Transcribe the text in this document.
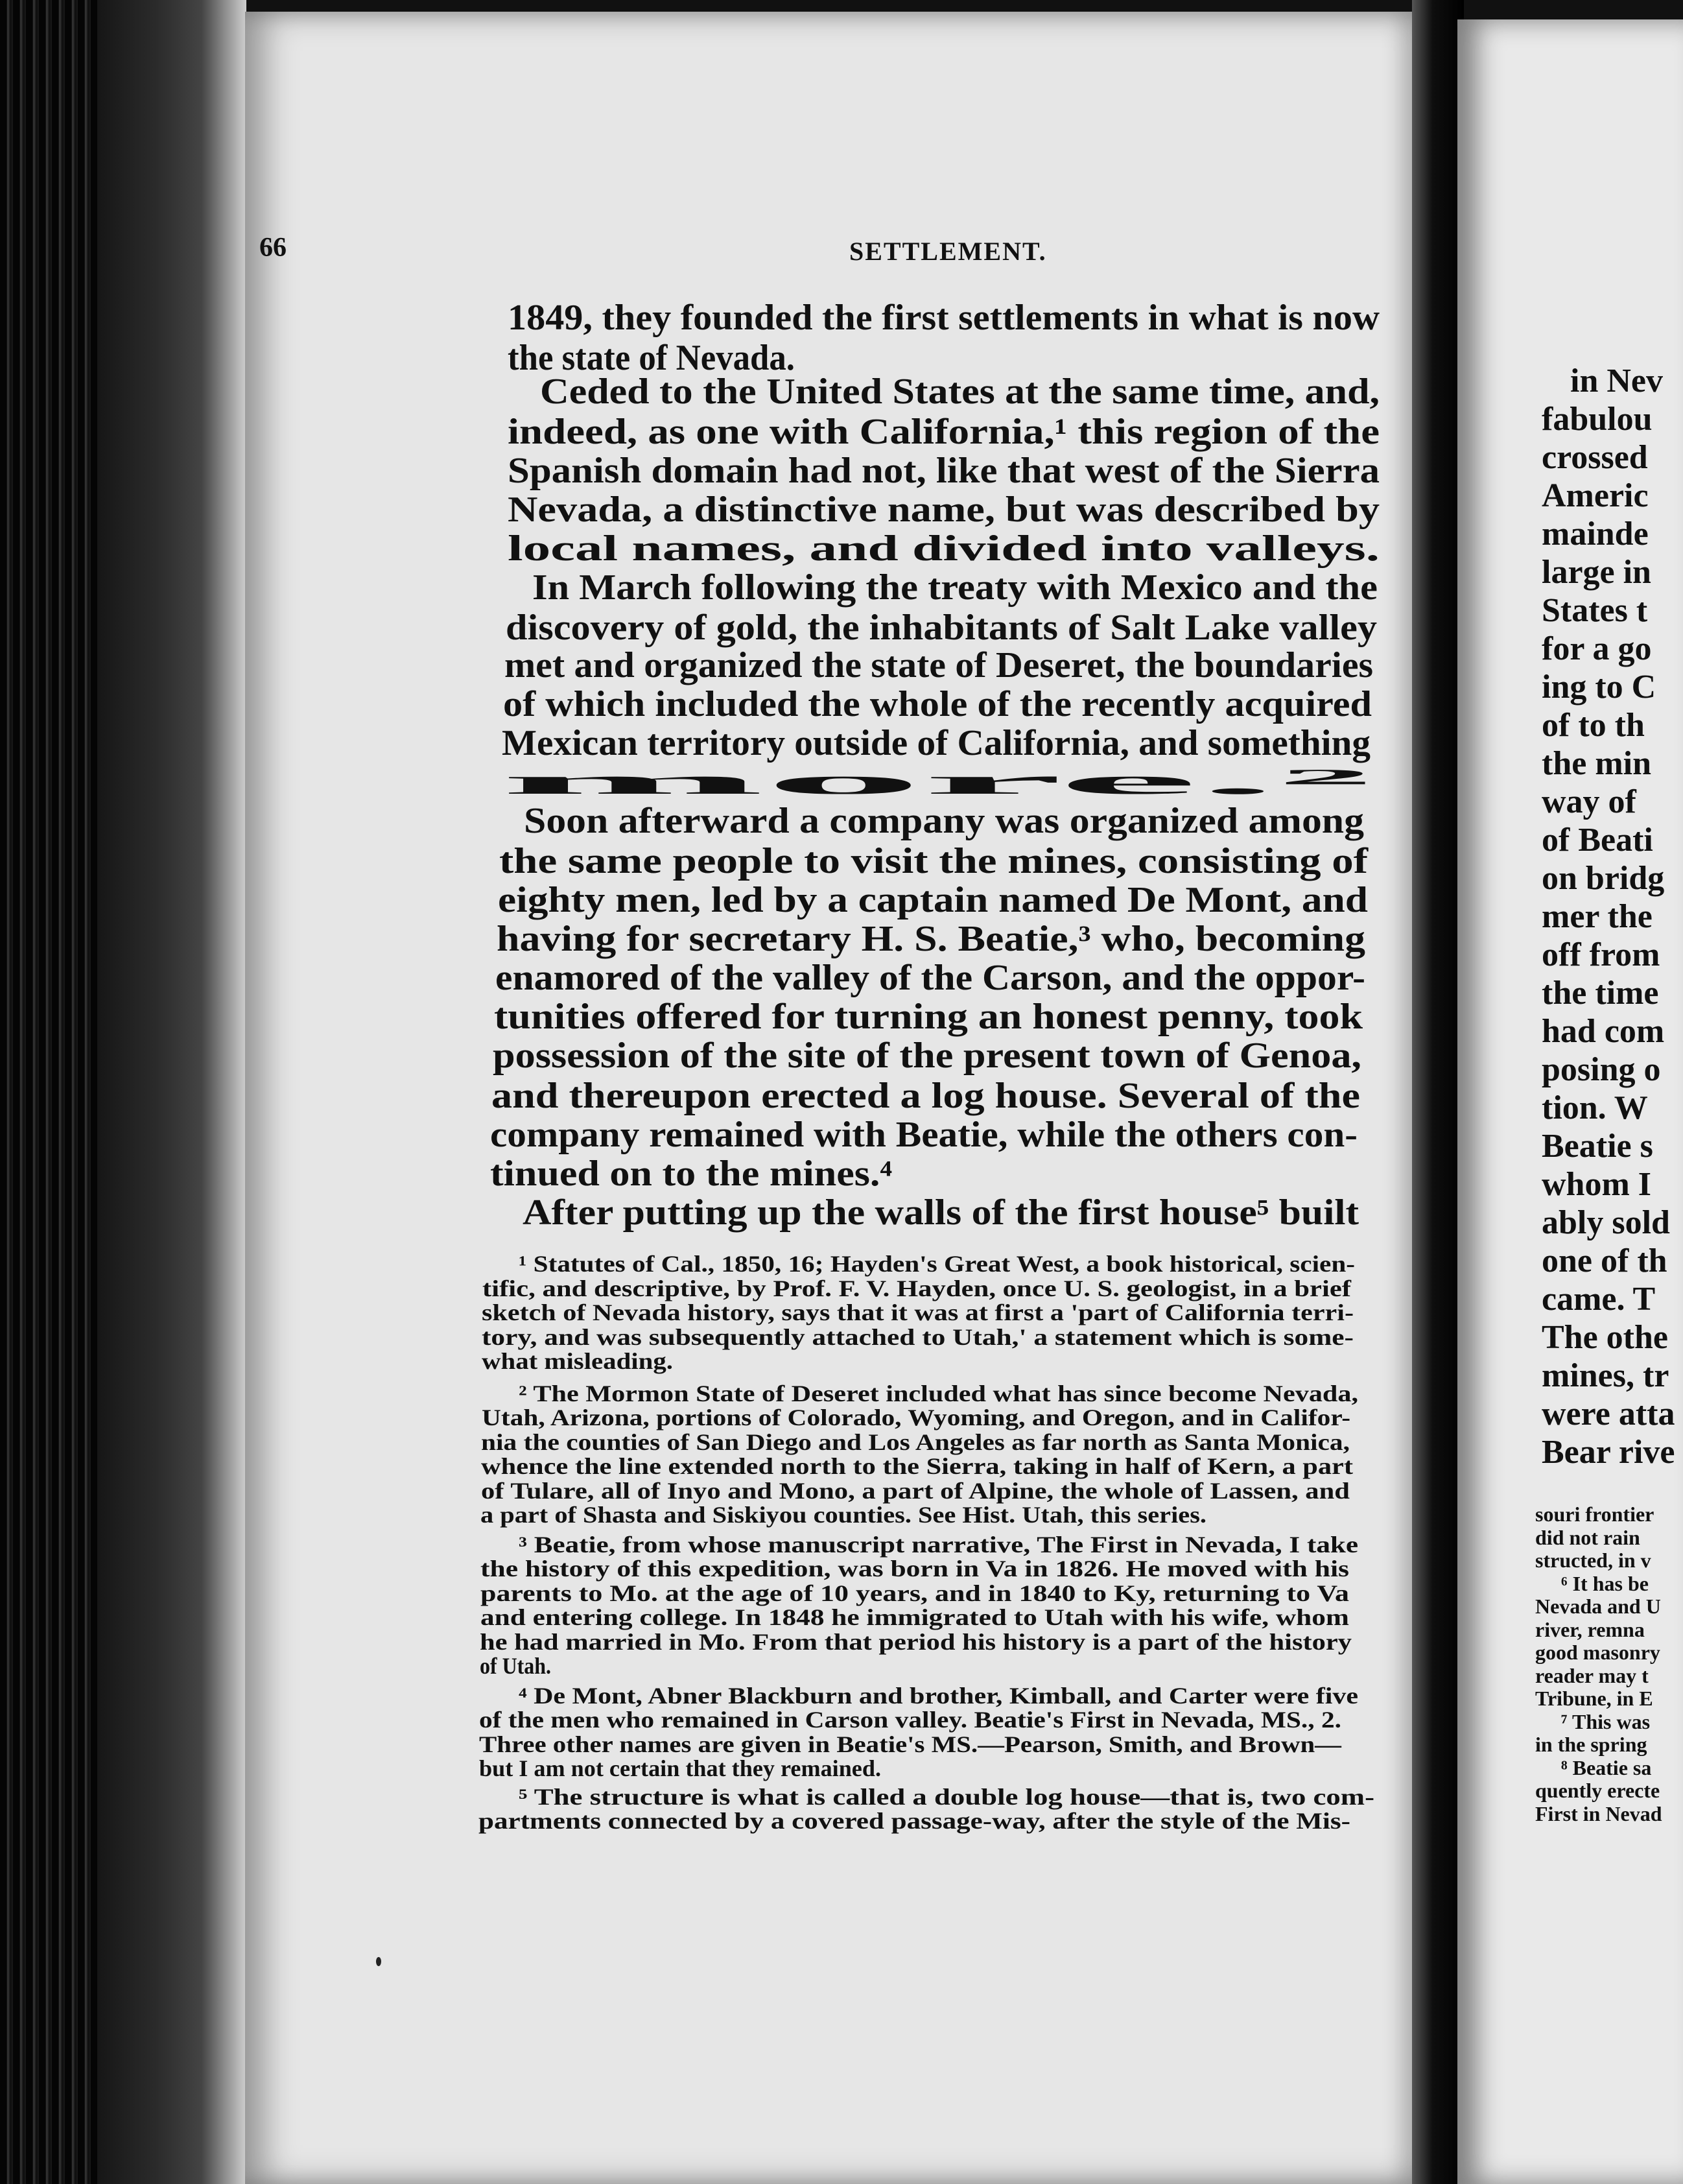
66	SETTLEMENT.
1849, they founded the first settlements in what is now
the state of Nevada.
Ceded to the United States at the same time, and,
indeed, as one with California,¹ this region of the
Spanish domain had not, like that west of the Sierra
Nevada, a distinctive name, but was described by
local names, and divided into valleys.
In March following the treaty with Mexico and the
discovery of gold, the inhabitants of Salt Lake valley
met and organized the state of Deseret, the boundaries
of which included the whole of the recently acquired
Mexican territory outside of California, and something
more.²
Soon afterward a company was organized among
the same people to visit the mines, consisting of
eighty men, led by a captain named De Mont, and
having for secretary H. S. Beatie,³ who, becoming
enamored of the valley of the Carson, and the oppor-
tunities offered for turning an honest penny, took
possession of the site of the present town of Genoa,
and thereupon erected a log house. Several of the
company remained with Beatie, while the others con-
tinued on to the mines.⁴
After putting up the walls of the first house⁵ built
¹ Statutes of Cal., 1850, 16; Hayden's Great West, a book historical, scien-
tific, and descriptive, by Prof. F. V. Hayden, once U. S. geologist, in a brief
sketch of Nevada history, says that it was at first a 'part of California terri-
tory, and was subsequently attached to Utah,' a statement which is some-
what misleading.
² The Mormon State of Deseret included what has since become Nevada,
Utah, Arizona, portions of Colorado, Wyoming, and Oregon, and in Califor-
nia the counties of San Diego and Los Angeles as far north as Santa Monica,
whence the line extended north to the Sierra, taking in half of Kern, a part
of Tulare, all of Inyo and Mono, a part of Alpine, the whole of Lassen, and
a part of Shasta and Siskiyou counties. See Hist. Utah, this series.
³ Beatie, from whose manuscript narrative, The First in Nevada, I take
the history of this expedition, was born in Va in 1826. He moved with his
parents to Mo. at the age of 10 years, and in 1840 to Ky, returning to Va
and entering college. In 1848 he immigrated to Utah with his wife, whom
he had married in Mo. From that period his history is a part of the history
of Utah.
⁴ De Mont, Abner Blackburn and brother, Kimball, and Carter were five
of the men who remained in Carson valley. Beatie's First in Nevada, MS., 2.
Three other names are given in Beatie's MS.—Pearson, Smith, and Brown—
but I am not certain that they remained.
⁵ The structure is what is called a double log house—that is, two com-
partments connected by a covered passage-way, after the style of the Mis-
in Nev
fabulou
crossed
Americ
mainde
large in
States t
for a go
ing to C
of to th
the min
way of
of Beati
on bridg
mer the
off from
the time
had com
posing o
tion. W
Beatie s
whom I
ably sold
one of th
came. T
The othe
mines, tr
were atta
Bear rive
souri frontier
did not rain
structed, in v
⁶ It has be
Nevada and U
river, remna
good masonry
reader may t
Tribune, in E
⁷ This was
in the spring
⁸ Beatie sa
quently erecte
First in Nevad
